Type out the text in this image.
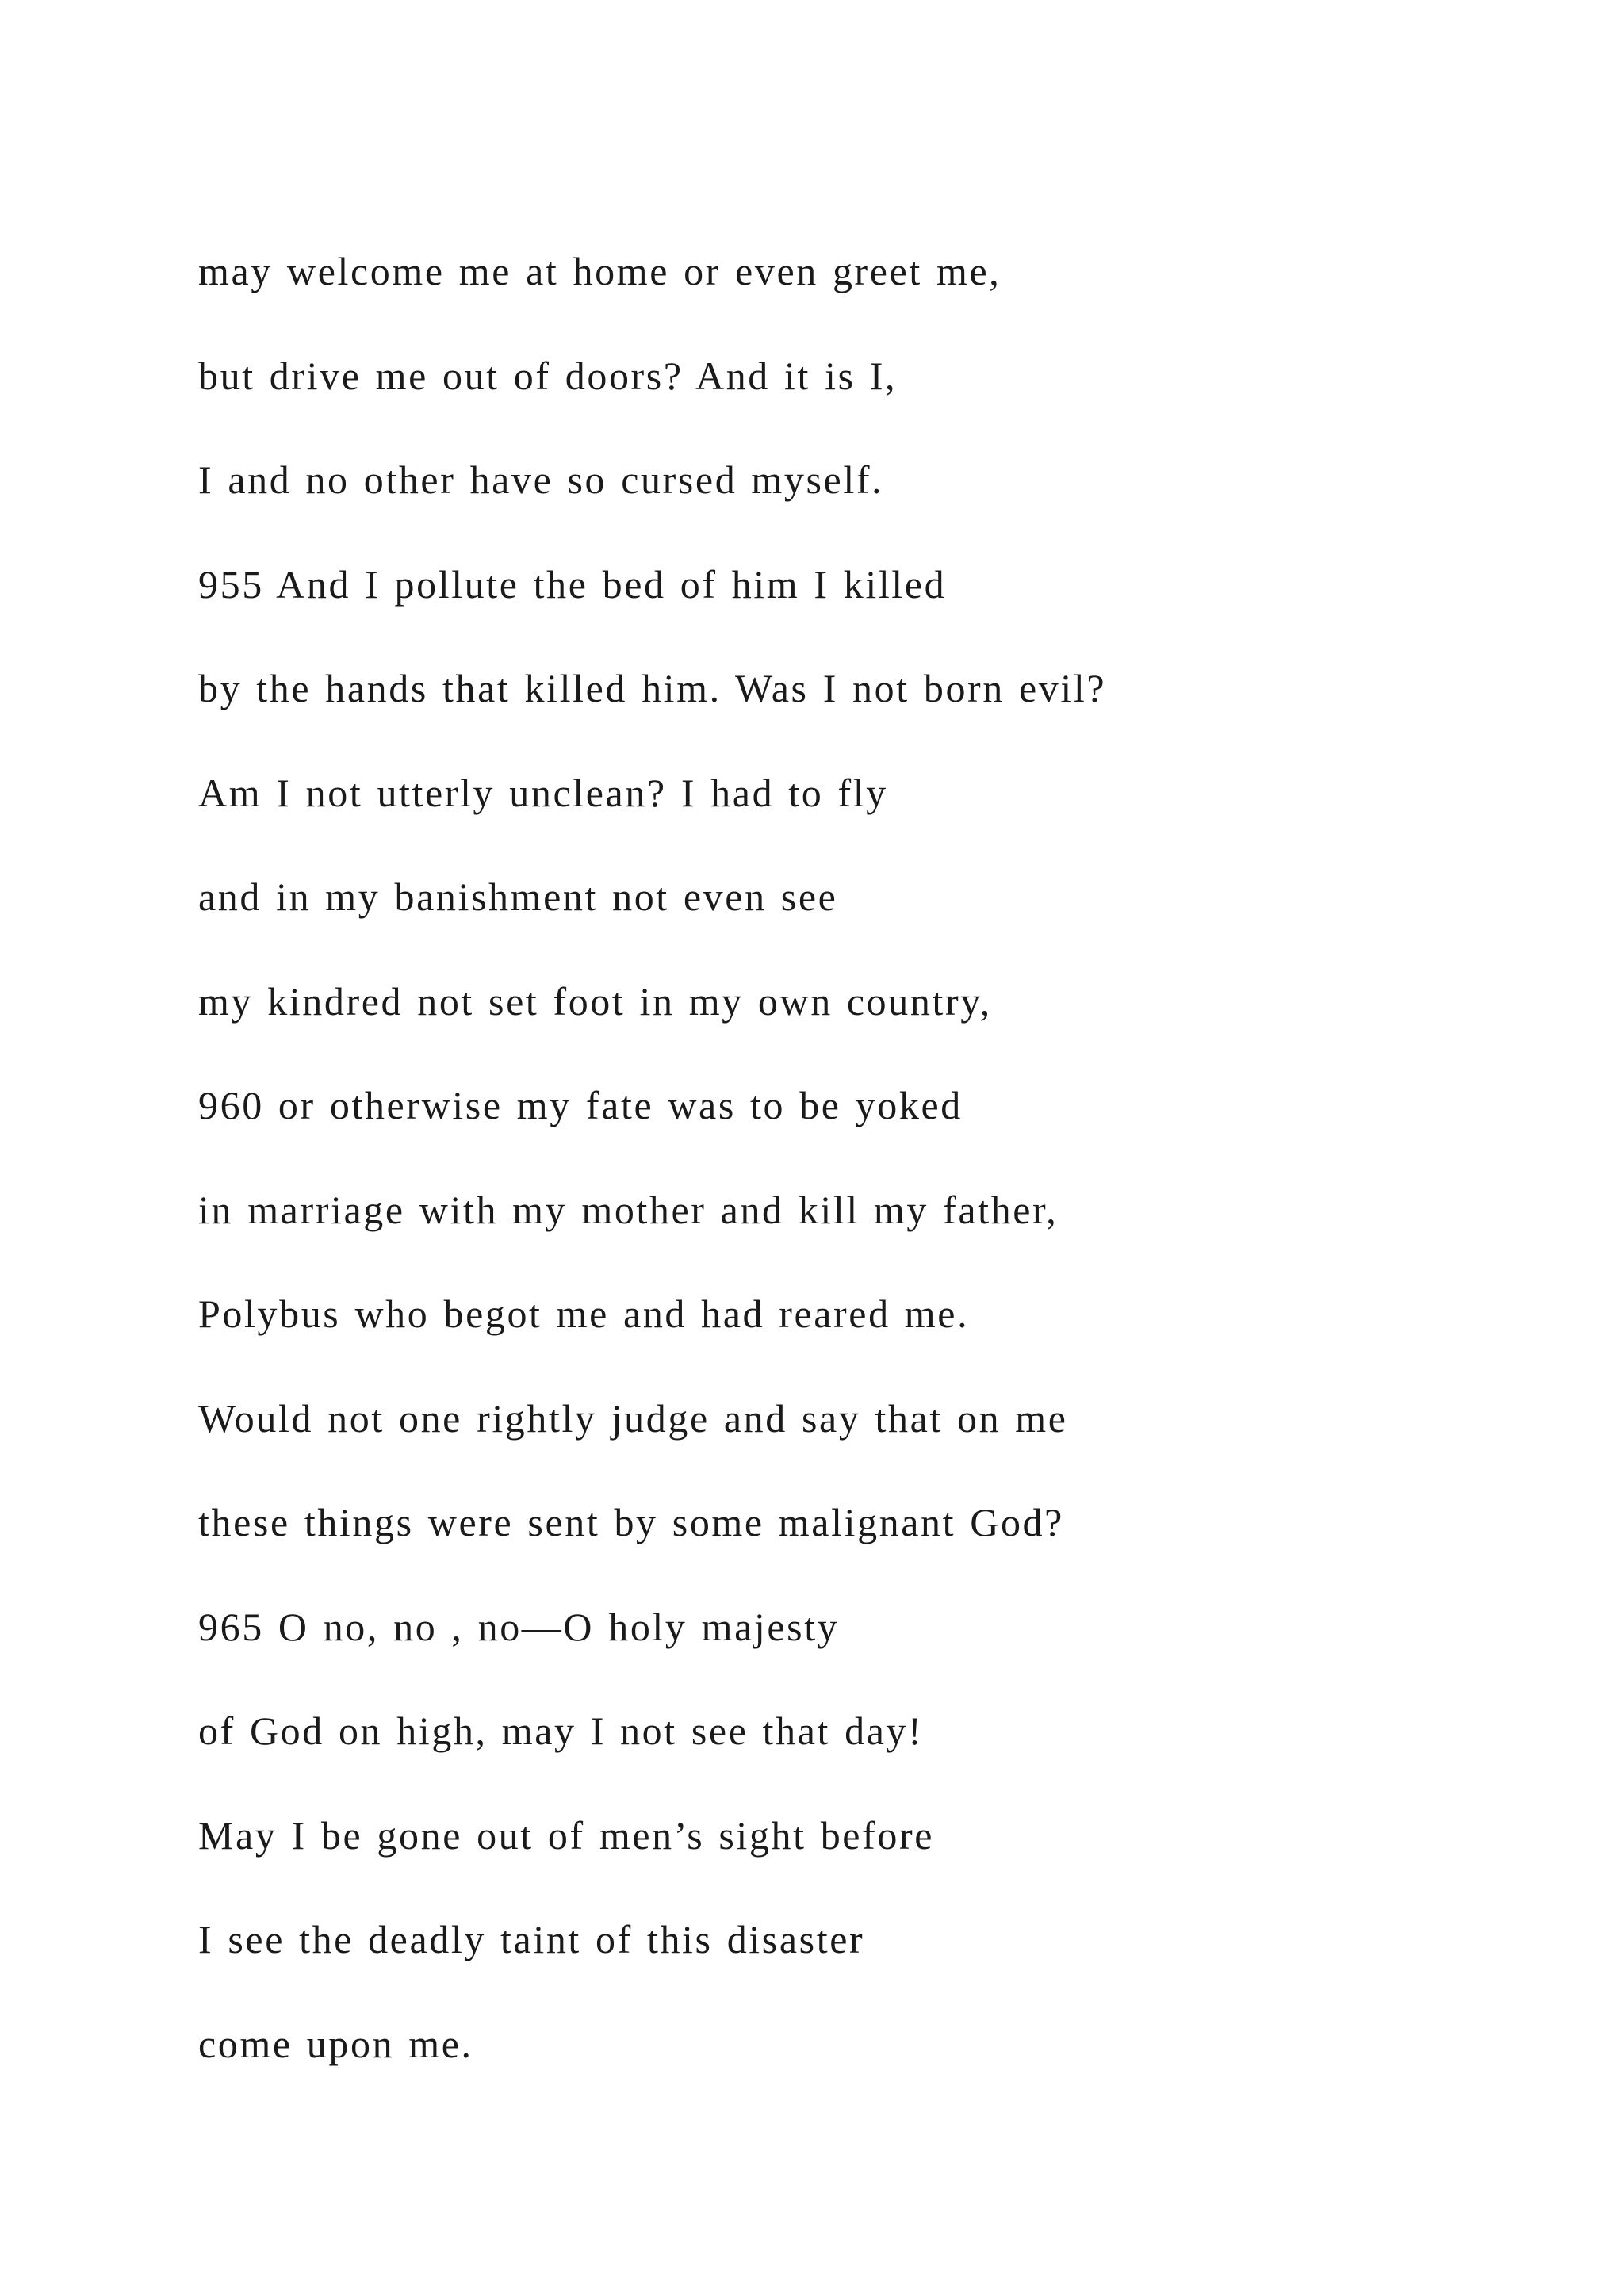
may welcome me at home or even greet me,
but drive me out of doors? And it is I,
I and no other have so cursed myself.
955 And I pollute the bed of him I killed
by the hands that killed him. Was I not born evil?
Am I not utterly unclean? I had to fly
and in my banishment not even see
my kindred not set foot in my own country,
960 or otherwise my fate was to be yoked
in marriage with my mother and kill my father,
Polybus who begot me and had reared me.
Would not one rightly judge and say that on me
these things were sent by some malignant God?
965 O no, no , no—O holy majesty
of God on high, may I not see that day!
May I be gone out of men’s sight before
I see the deadly taint of this disaster
come upon me.
